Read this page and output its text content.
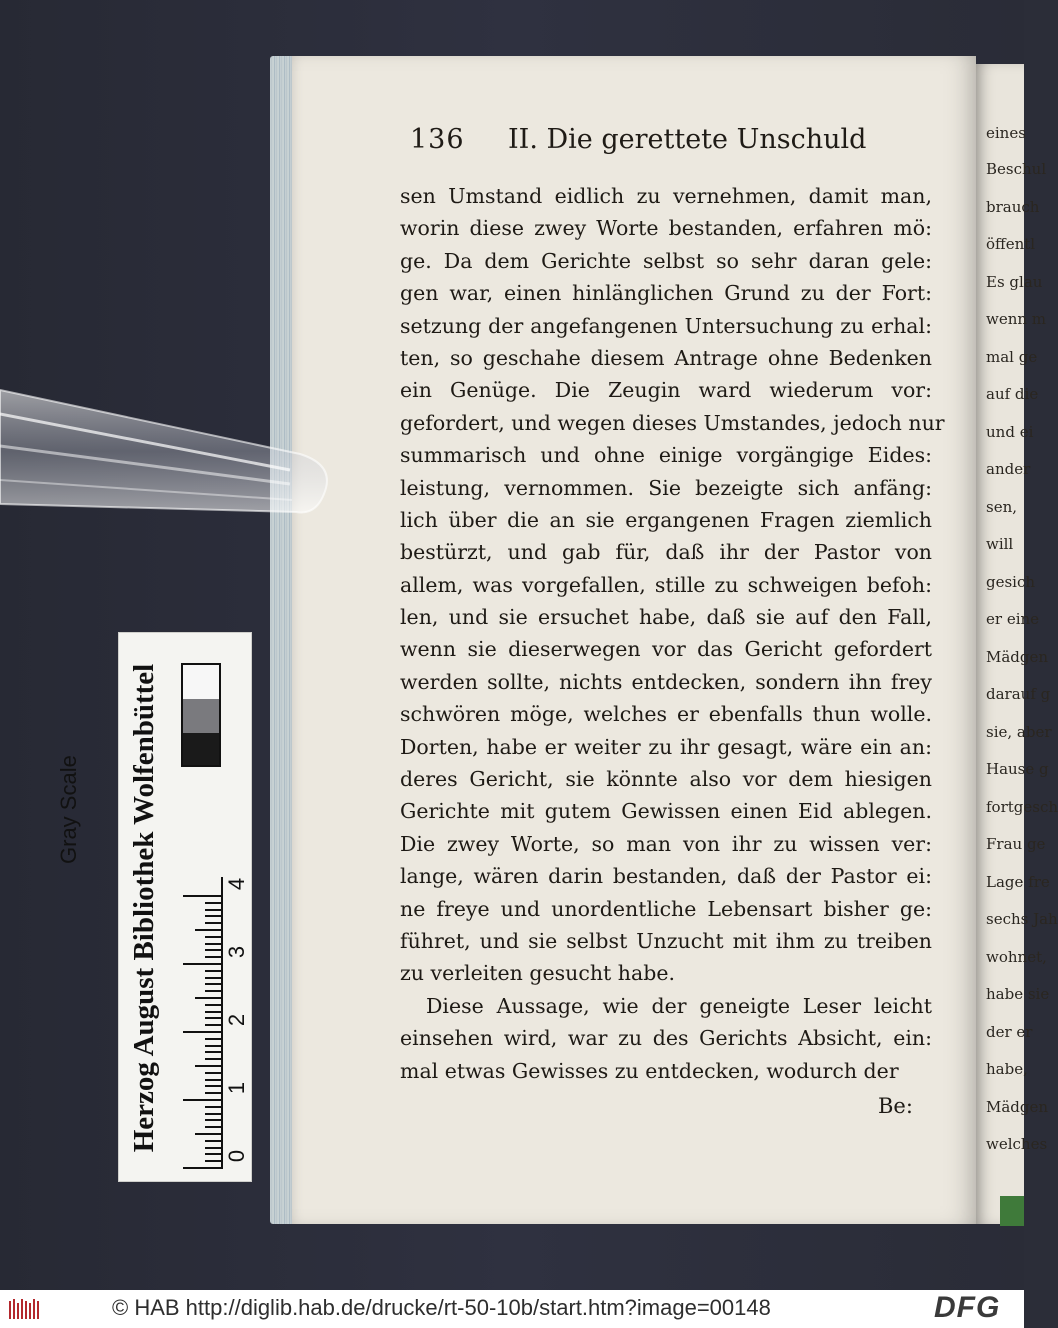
eines
Beschul
brauch
öffentl
Es glau
wenn m
mal ge
auf die
und ei
ander
sen,
will
gesich
er eine
Mädgen
darauf g
sie, aber
Hause g
fortgesch
Frau ge
Lage fre
sechs Jah
wohnet,
habe sie
der er
habe,
Mädgen
welches
136 II. Die gerettete Unschuld
sen Umstand eidlich zu vernehmen, damit man,
worin diese zwey Worte bestanden, erfahren mö:
ge. Da dem Gerichte selbst so sehr daran gele:
gen war, einen hinlänglichen Grund zu der Fort:
setzung der angefangenen Untersuchung zu erhal:
ten, so geschahe diesem Antrage ohne Bedenken
ein Genüge. Die Zeugin ward wiederum vor:
gefordert, und wegen dieses Umstandes, jedoch nur
summarisch und ohne einige vorgängige Eides:
leistung, vernommen. Sie bezeigte sich anfäng:
lich über die an sie ergangenen Fragen ziemlich
bestürzt, und gab für, daß ihr der Pastor von
allem, was vorgefallen, stille zu schweigen befoh:
len, und sie ersuchet habe, daß sie auf den Fall,
wenn sie dieserwegen vor das Gericht gefordert
werden sollte, nichts entdecken, sondern ihn frey
schwören möge, welches er ebenfalls thun wolle.
Dorten, habe er weiter zu ihr gesagt, wäre ein an:
deres Gericht, sie könnte also vor dem hiesigen
Gerichte mit gutem Gewissen einen Eid ablegen.
Die zwey Worte, so man von ihr zu wissen ver:
lange, wären darin bestanden, daß der Pastor ei:
ne freye und unordentliche Lebensart bisher ge:
führet, und sie selbst Unzucht mit ihm zu treiben
zu verleiten gesucht habe.
Diese Aussage, wie der geneigte Leser leicht
einsehen wird, war zu des Gerichts Absicht, ein:
mal etwas Gewisses zu entdecken, wodurch der
Be:
0
1
2
3
4
Herzog August Bibliothek Wolfenbüttel
Gray Scale
© HAB http://diglib.hab.de/drucke/rt-50-10b/start.htm?image=00148	DFG
